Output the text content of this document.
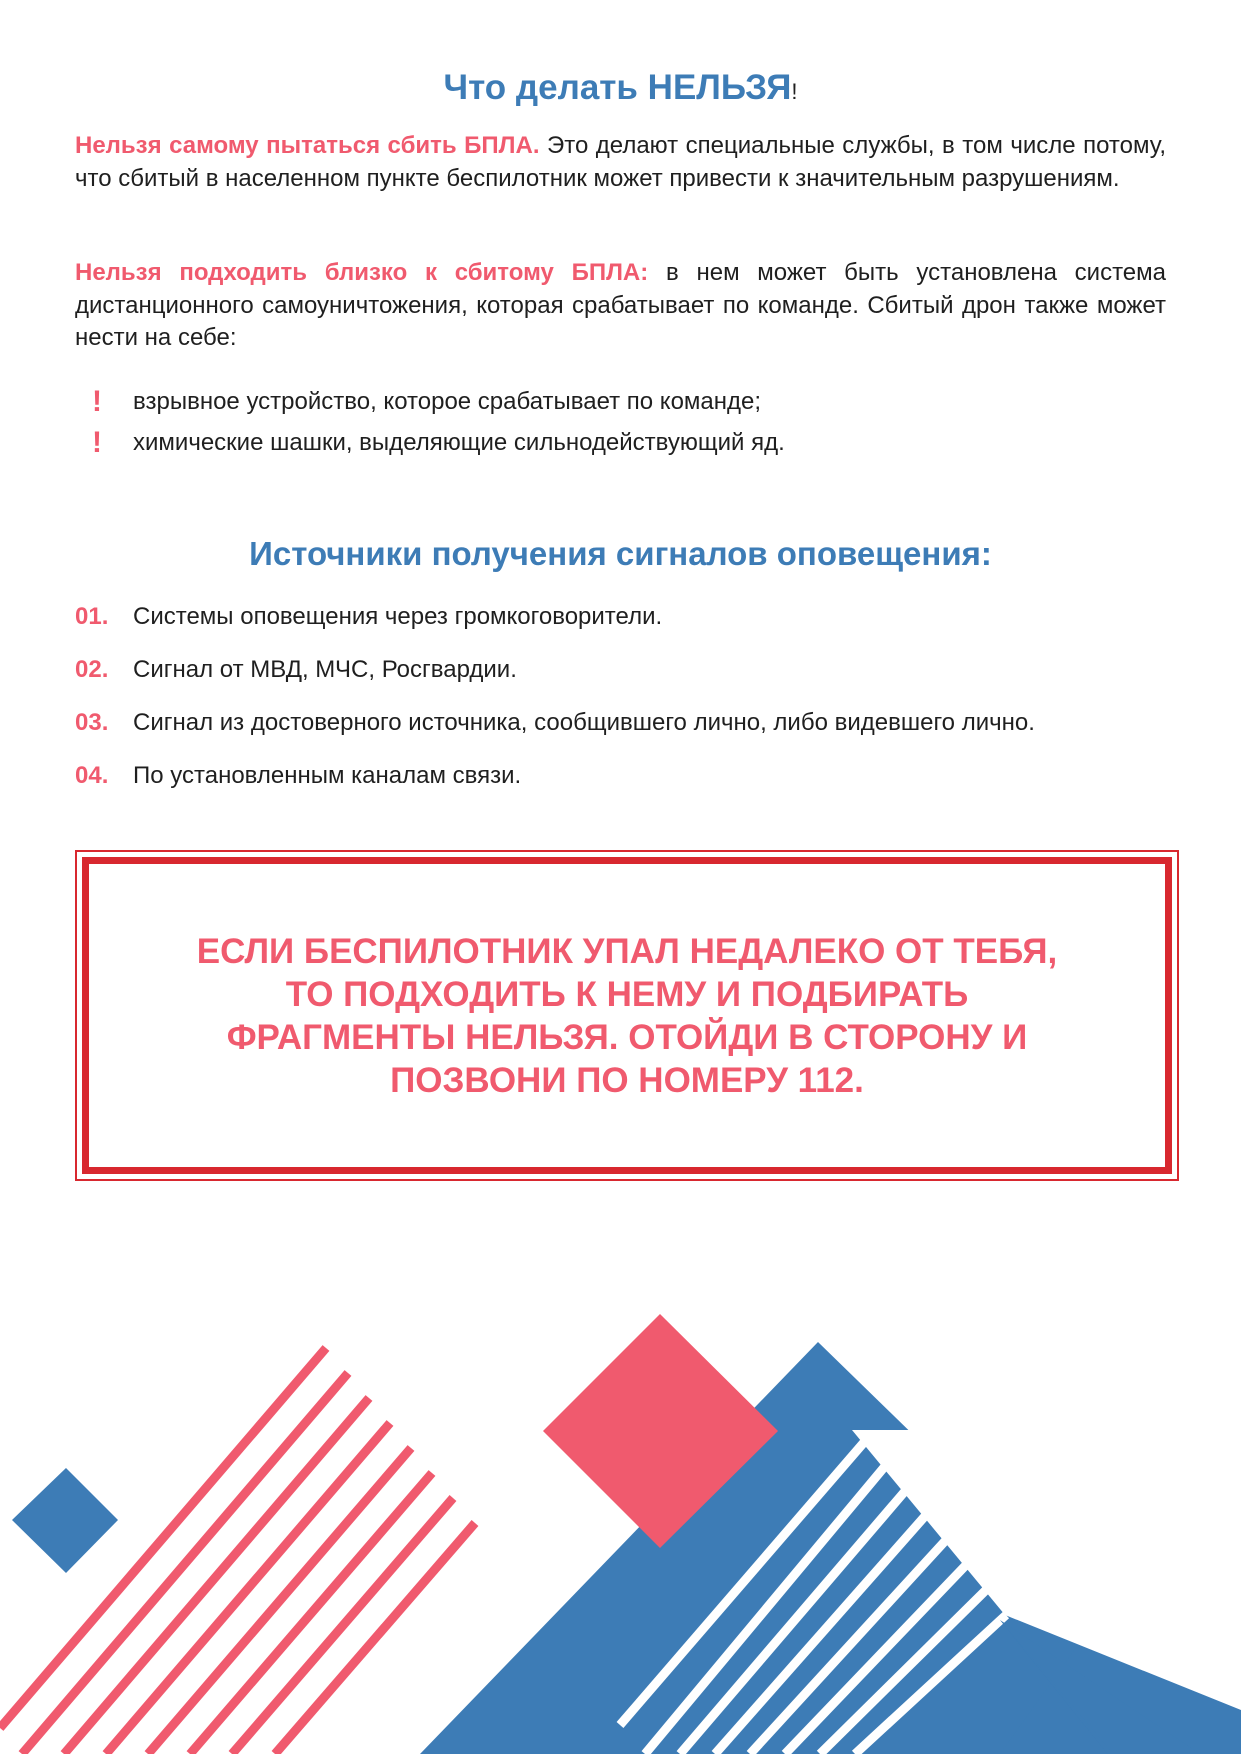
Что делать НЕЛЬЗЯ!
Нельзя самому пытаться сбить БПЛА. Это делают специальные службы, в том числе потому, что сбитый в населенном пункте беспилотник может привести к значительным разрушениям.
Нельзя подходить близко к сбитому БПЛА: в нем может быть установлена система дистанционного самоуничтожения, которая срабатывает по команде. Сбитый дрон также может нести на себе:
!	взрывное устройство, которое срабатывает по команде;
!	химические шашки, выделяющие сильнодействующий яд.
Источники получения сигналов оповещения:
01.	Системы оповещения через громкоговорители.
02.	Сигнал от МВД, МЧС, Росгвардии.
03.	Сигнал из достоверного источника, сообщившего лично, либо видевшего лично.
04.	По установленным каналам связи.
ЕСЛИ БЕСПИЛОТНИК УПАЛ НЕДАЛЕКО ОТ ТЕБЯ, ТО ПОДХОДИТЬ К НЕМУ И ПОДБИРАТЬ ФРАГМЕНТЫ НЕЛЬЗЯ. ОТОЙДИ В СТОРОНУ И ПОЗВОНИ ПО НОМЕРУ 112.
